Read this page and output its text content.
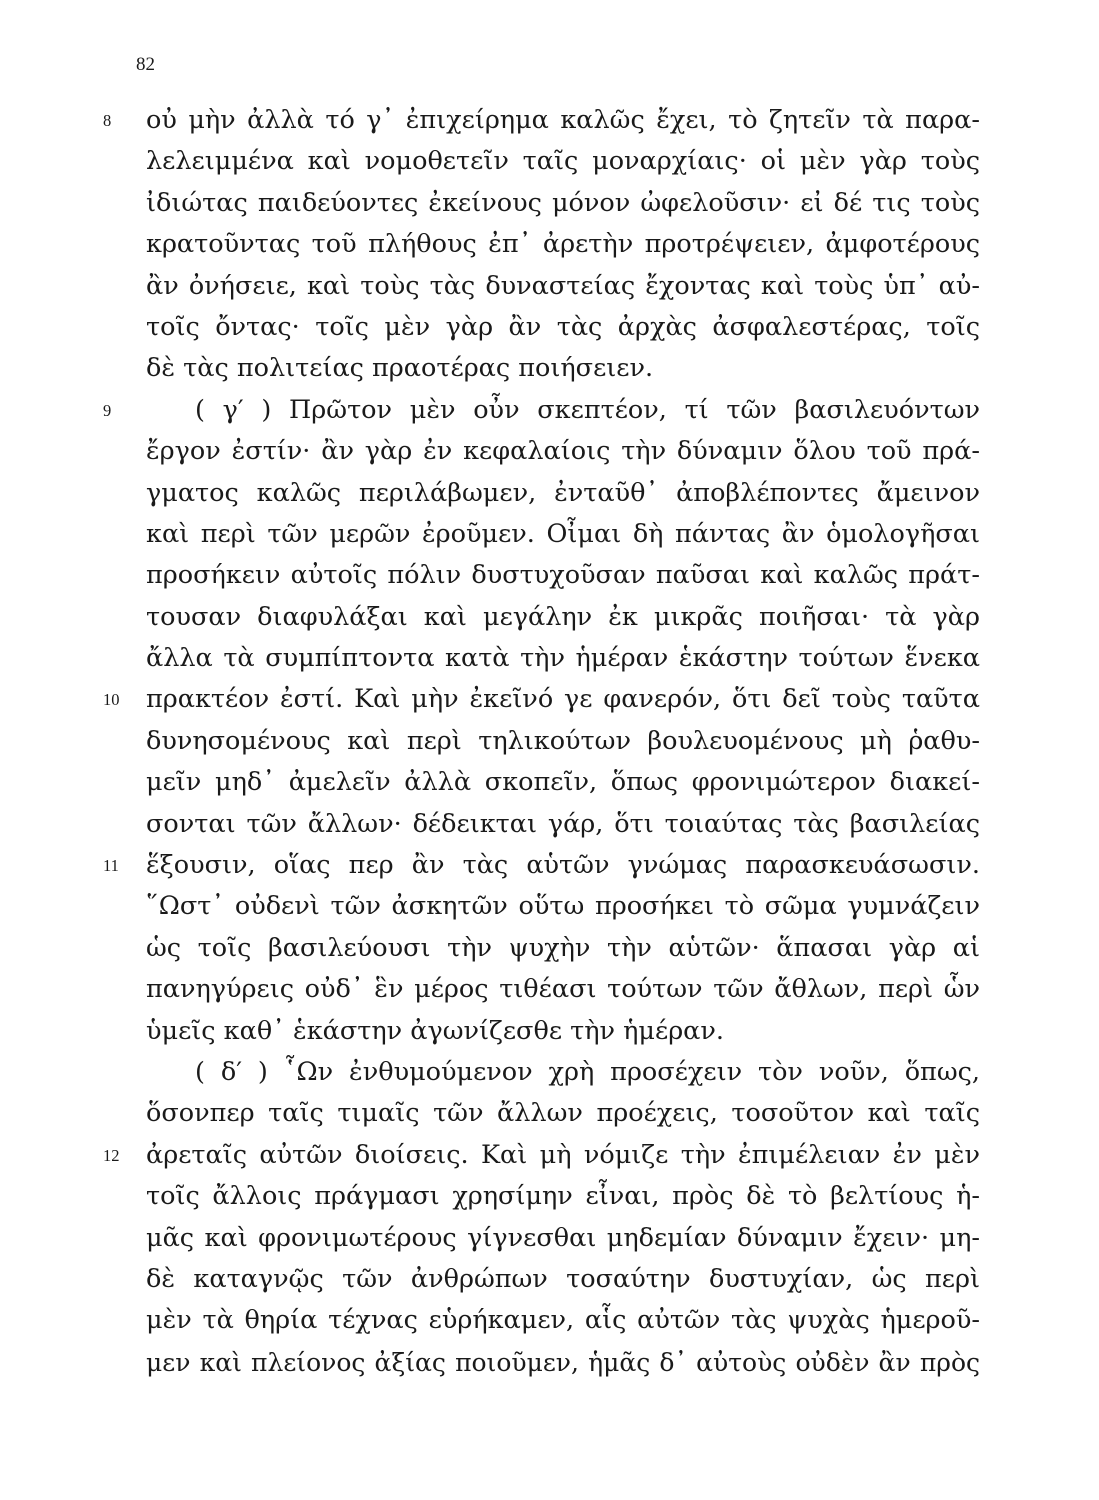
82
8	οὐ μὴν ἀλλὰ τό γ᾽ ἐπιχείρημα καλῶς ἔχει, τὸ ζητεῖν τὰ παρα-
λελειμμένα καὶ νομοθετεῖν ταῖς μοναρχίαις· οἱ μὲν γὰρ τοὺς
ἰδιώτας παιδεύοντες ἐκείνους μόνον ὠφελοῦσιν· εἰ δέ τις τοὺς
κρατοῦντας τοῦ πλήθους ἐπ᾽ ἀρετὴν προτρέψειεν, ἀμφοτέρους
ἂν ὀνήσειε, καὶ τοὺς τὰς δυναστείας ἔχοντας καὶ τοὺς ὑπ᾽ αὐ-
τοῖς ὄντας· τοῖς μὲν γὰρ ἂν τὰς ἀρχὰς ἀσφαλεστέρας, τοῖς
δὲ τὰς πολιτείας πραοτέρας ποιήσειεν.
9	( γ′ ) Πρῶτον μὲν οὖν σκεπτέον, τί τῶν βασιλευόντων
ἔργον ἐστίν· ἂν γὰρ ἐν κεφαλαίοις τὴν δύναμιν ὅλου τοῦ πρά-
γματος καλῶς περιλάβωμεν, ἐνταῦθ᾽ ἀποβλέποντες ἄμεινον
καὶ περὶ τῶν μερῶν ἐροῦμεν. Οἶμαι δὴ πάντας ἂν ὁμολογῆσαι
προσήκειν αὐτοῖς πόλιν δυστυχοῦσαν παῦσαι καὶ καλῶς πράτ-
τουσαν διαφυλάξαι καὶ μεγάλην ἐκ μικρᾶς ποιῆσαι· τὰ γὰρ
ἄλλα τὰ συμπίπτοντα κατὰ τὴν ἡμέραν ἑκάστην τούτων ἕνεκα
10	πρακτέον ἐστί. Καὶ μὴν ἐκεῖνό γε φανερόν, ὅτι δεῖ τοὺς ταῦτα
δυνησομένους καὶ περὶ τηλικούτων βουλευομένους μὴ ῥαθυ-
μεῖν μηδ᾽ ἀμελεῖν ἀλλὰ σκοπεῖν, ὅπως φρονιμώτερον διακεί-
σονται τῶν ἄλλων· δέδεικται γάρ, ὅτι τοιαύτας τὰς βασιλείας
11	ἕξουσιν, οἵας περ ἂν τὰς αὑτῶν γνώμας παρασκευάσωσιν.
῞Ωστ᾽ οὐδενὶ τῶν ἀσκητῶν οὕτω προσήκει τὸ σῶμα γυμνάζειν
ὡς τοῖς βασιλεύουσι τὴν ψυχὴν τὴν αὑτῶν· ἅπασαι γὰρ αἱ
πανηγύρεις οὐδ᾽ ἓν μέρος τιθέασι τούτων τῶν ἄθλων, περὶ ὧν
ὑμεῖς καθ᾽ ἑκάστην ἀγωνίζεσθε τὴν ἡμέραν.
( δ′ ) ῟Ων ἐνθυμούμενον χρὴ προσέχειν τὸν νοῦν, ὅπως,
ὅσονπερ ταῖς τιμαῖς τῶν ἄλλων προέχεις, τοσοῦτον καὶ ταῖς
12	ἀρεταῖς αὐτῶν διοίσεις. Καὶ μὴ νόμιζε τὴν ἐπιμέλειαν ἐν μὲν
τοῖς ἄλλοις πράγμασι χρησίμην εἶναι, πρὸς δὲ τὸ βελτίους ἡ-
μᾶς καὶ φρονιμωτέρους γίγνεσθαι μηδεμίαν δύναμιν ἔχειν· μη-
δὲ καταγνῷς τῶν ἀνθρώπων τοσαύτην δυστυχίαν, ὡς περὶ
μὲν τὰ θηρία τέχνας εὑρήκαμεν, αἷς αὐτῶν τὰς ψυχὰς ἡμεροῦ-
μεν καὶ πλείονος ἀξίας ποιοῦμεν, ἡμᾶς δ᾽ αὐτοὺς οὐδὲν ἂν πρὸς
